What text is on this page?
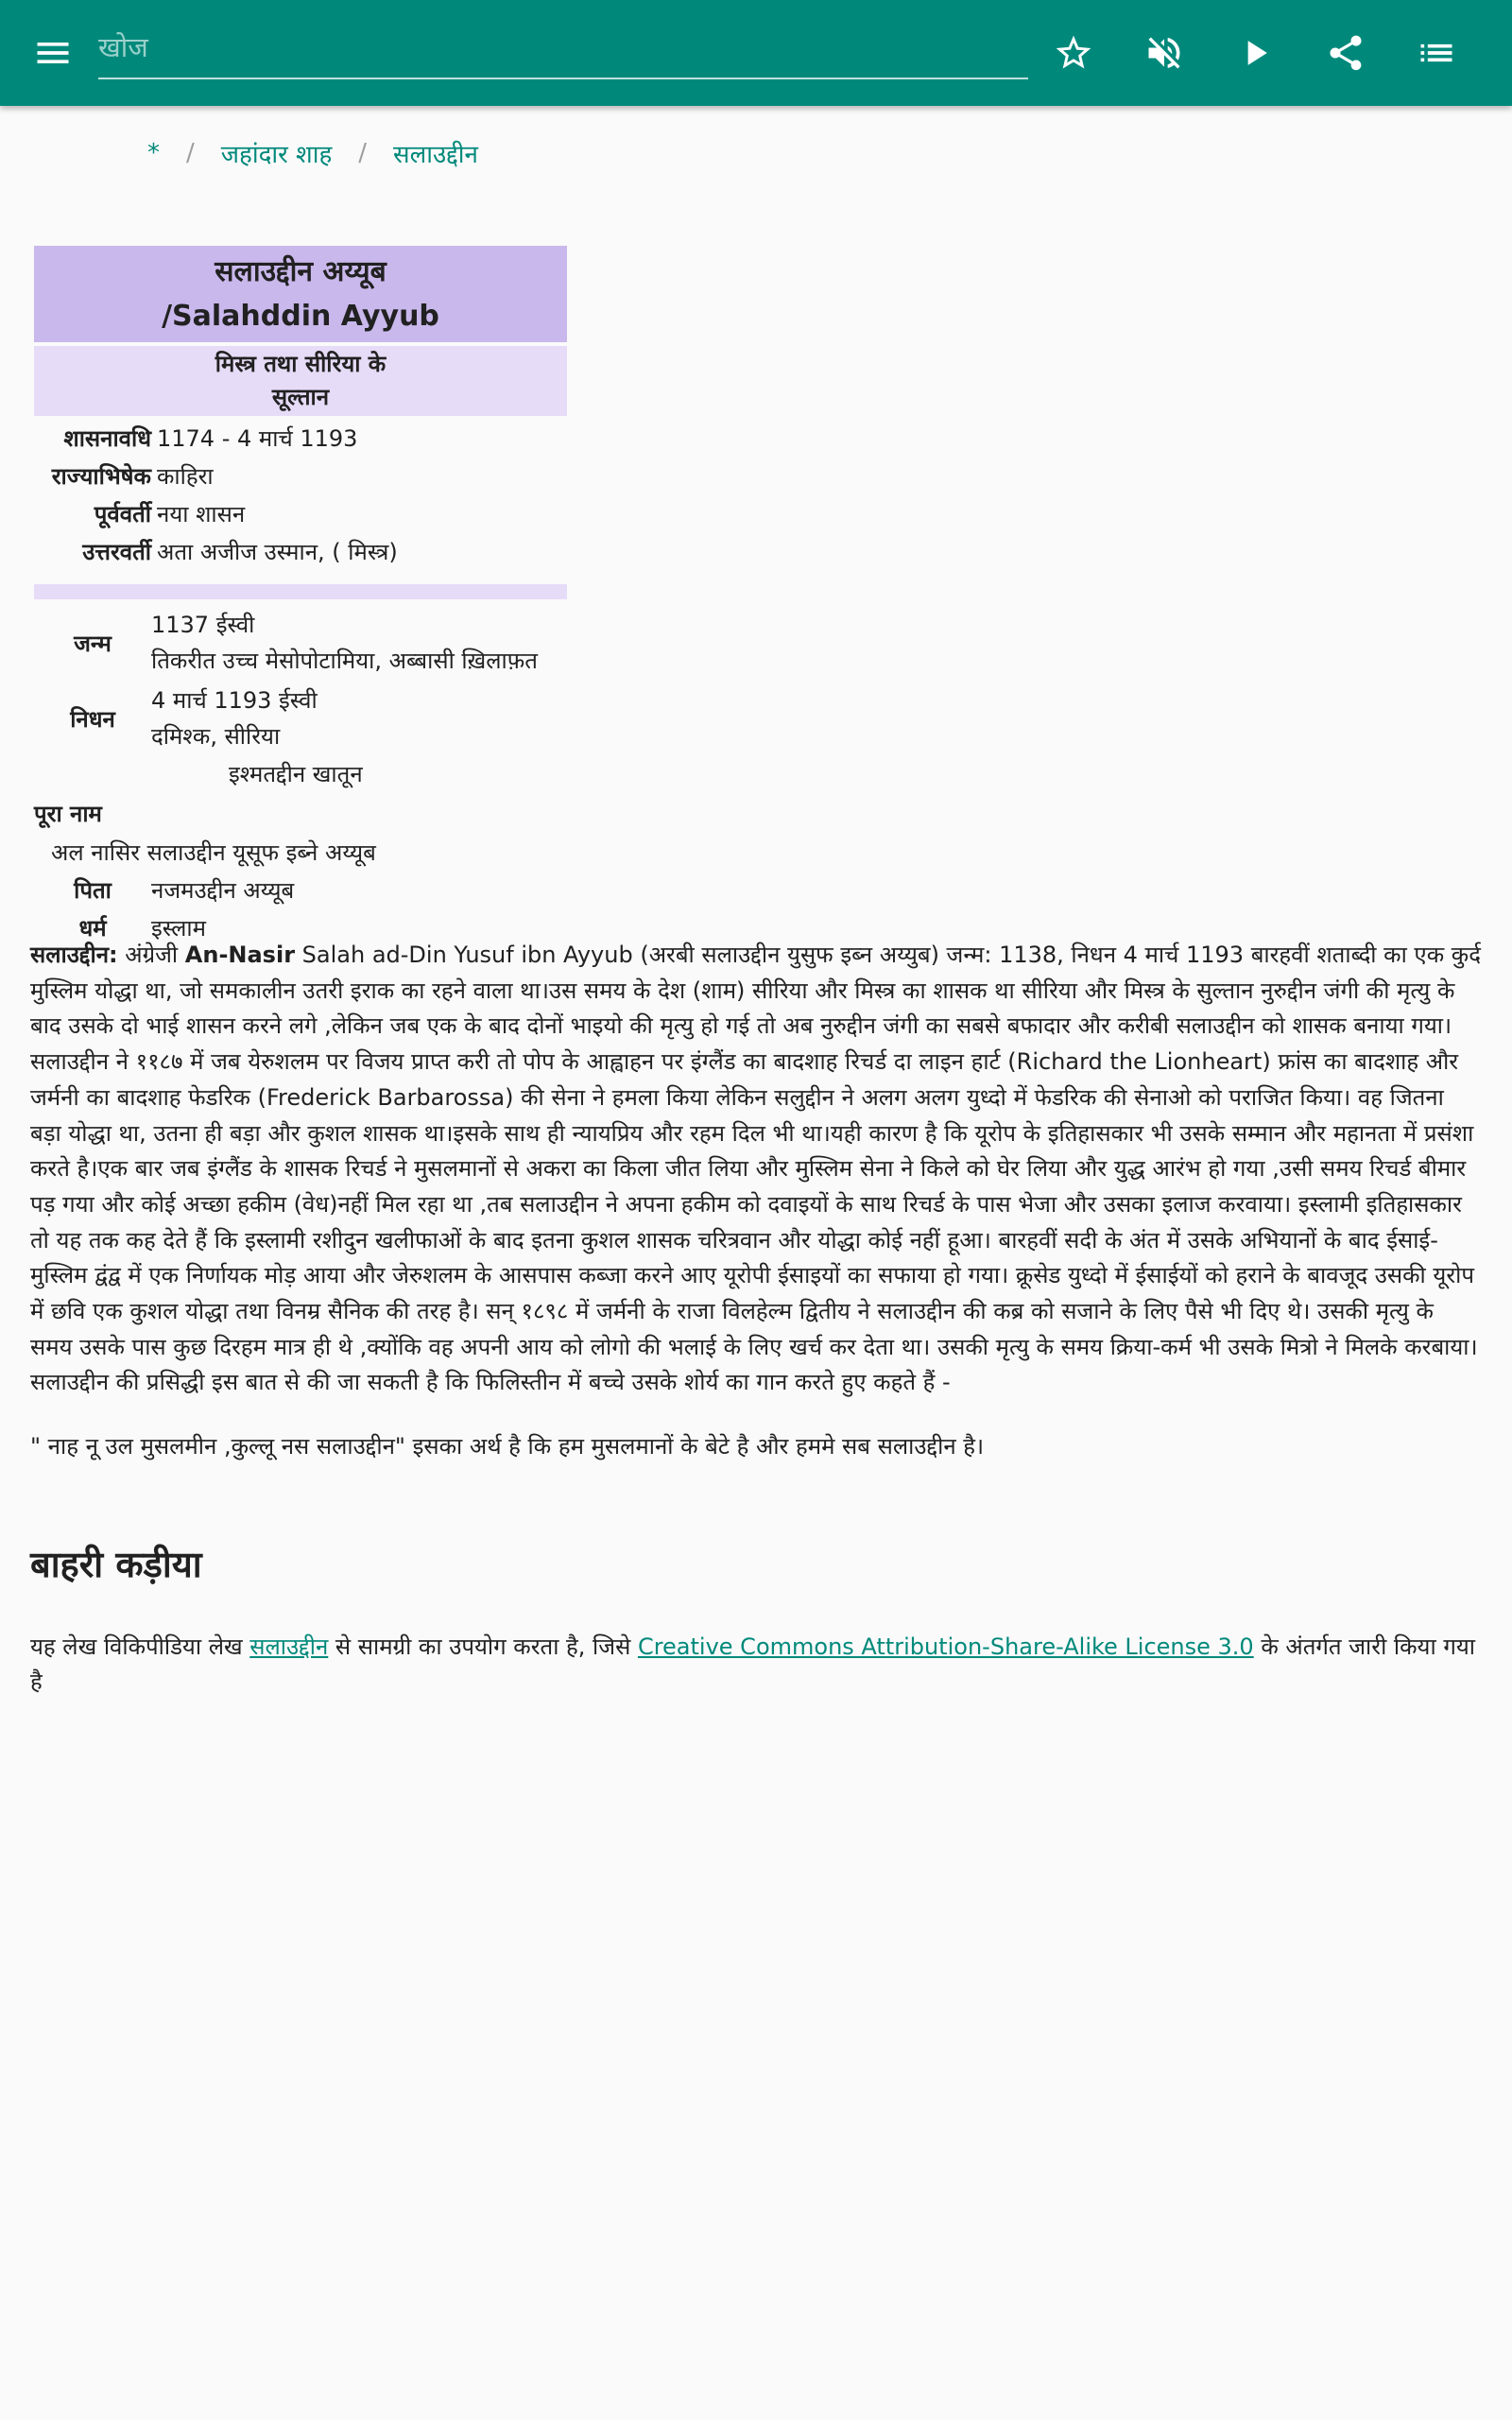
खोज
* / जहांदार शाह / सलाउद्दीन
सलाउद्दीन अय्यूब
/Salahddin Ayyub
मिस्त्र तथा सीरिया के
सूल्तान
शासनावधि 1174 - 4 मार्च 1193
राज्याभिषेक काहिरा
पूर्ववर्ती नया शासन
उत्तरवर्ती अता अजीज उस्मान, ( मिस्त्र)
जन्म
1137 ईस्वी
तिकरीत उच्च मेसोपोटामिया, अब्बासी ख़िलाफ़त
निधन
4 मार्च 1193 ईस्वी
दमिश्क, सीरिया
इश्मतद्दीन खातून
पूरा नाम
अल नासिर सलाउद्दीन यूसूफ इब्ने अय्यूब
पिता	नजमउद्दीन अय्यूब
धर्म	इस्लाम

सलाउद्दीन: अंग्रेजी An-Nasir Salah ad-Din Yusuf ibn Ayyub (अरबी सलाउद्दीन युसुफ इब्न अय्युब) जन्म: 1138, निधन 4 मार्च 1193 बारहवीं शताब्दी का एक कुर्द मुस्लिम योद्धा था, जो समकालीन उतरी इराक का रहने वाला था।उस समय के देश (शाम) सीरिया और मिस्त्र का शासक था सीरिया और मिस्त्र के सुल्तान नुरुद्दीन जंगी की मृत्यु के बाद उसके दो भाई शासन करने लगे ,लेकिन जब एक के बाद दोनों भाइयो की मृत्यु हो गई तो अब नुरुद्दीन जंगी का सबसे बफादार और करीबी सलाउद्दीन को शासक बनाया गया। सलाउद्दीन ने ११८७ में जब येरुशलम पर विजय प्राप्त करी तो पोप के आह्वाहन पर इंग्लैंड का बादशाह रिचर्ड दा लाइन हार्ट (Richard the Lionheart) फ्रांस का बादशाह और जर्मनी का बादशाह फेडरिक (Frederick Barbarossa) की सेना ने हमला किया लेकिन सलुद्दीन ने अलग अलग युध्दो में फेडरिक की सेनाओ को पराजित किया। वह जितना बड़ा योद्धा था, उतना ही बड़ा और कुशल शासक था।इसके साथ ही न्यायप्रिय और रहम दिल भी था।यही कारण है कि यूरोप के इतिहासकार भी उसके सम्मान और महानता में प्रसंशा करते है।एक बार जब इंग्लैंड के शासक रिचर्ड ने मुसलमानों से अकरा का किला जीत लिया और मुस्लिम सेना ने किले को घेर लिया और युद्ध आरंभ हो गया ,उसी समय रिचर्ड बीमार पड़ गया और कोई अच्छा हकीम (वेध)नहीं मिल रहा था ,तब सलाउद्दीन ने अपना हकीम को दवाइयों के साथ रिचर्ड के पास भेजा और उसका इलाज करवाया। इस्लामी इतिहासकार तो यह तक कह देते हैं कि इस्लामी रशीदुन खलीफाओं के बाद इतना कुशल शासक चरित्रवान और योद्धा कोई नहीं हूआ। बारहवीं सदी के अंत में उसके अभियानों के बाद ईसाई-मुस्लिम द्वंद्व में एक निर्णायक मोड़ आया और जेरुशलम के आसपास कब्जा करने आए यूरोपी ईसाइयों का सफाया हो गया। क्रूसेड युध्दो में ईसाईयों को हराने के बावजूद उसकी यूरोप में छवि एक कुशल योद्धा तथा विनम्र सैनिक की तरह है। सन् १८९८ में जर्मनी के राजा विलहेल्म द्वितीय ने सलाउद्दीन की कब्र को सजाने के लिए पैसे भी दिए थे। उसकी मृत्यु के समय उसके पास कुछ दिरहम मात्र ही थे ,क्योंकि वह अपनी आय को लोगो की भलाई के लिए खर्च कर देता था। उसकी मृत्यु के समय क्रिया-कर्म भी उसके मित्रो ने मिलके करबाया। सलाउद्दीन की प्रसिद्धी इस बात से की जा सकती है कि फिलिस्तीन में बच्चे उसके शोर्य का गान करते हुए कहते हैं -

" नाह नू उल मुसलमीन ,कुल्लू नस सलाउद्दीन" इसका अर्थ है कि हम मुसलमानों के बेटे है और हममे सब सलाउद्दीन है।

बाहरी कड़ीया
यह लेख विकिपीडिया लेख सलाउद्दीन से सामग्री का उपयोग करता है, जिसे Creative Commons Attribution-Share-Alike License 3.0 के अंतर्गत जारी किया गया है
